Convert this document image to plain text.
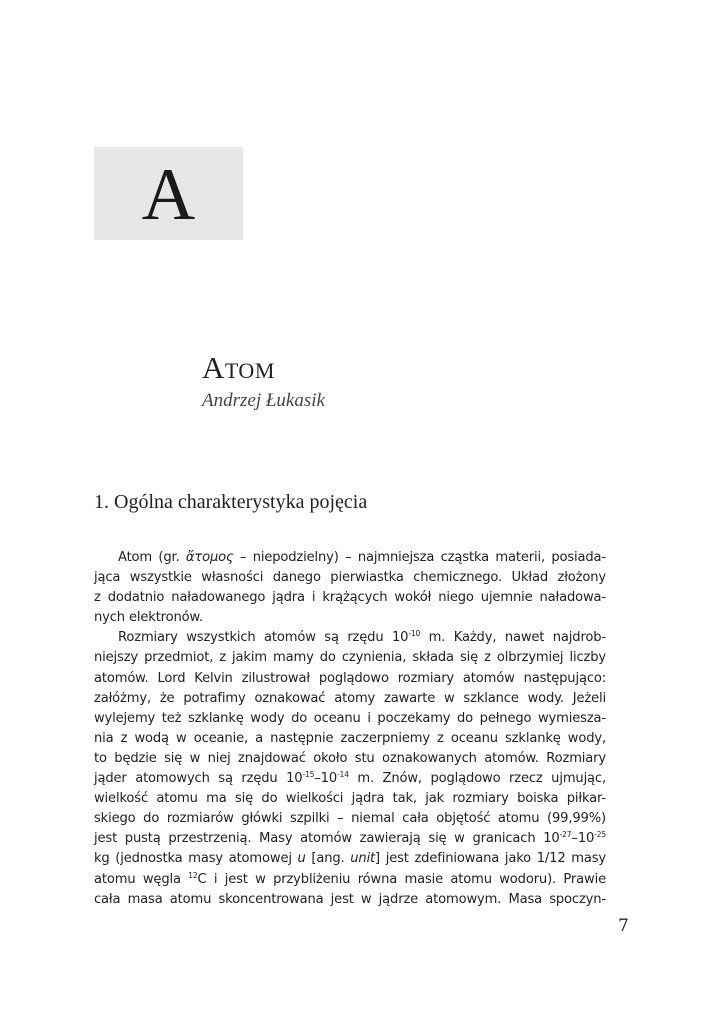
A
Atom
Andrzej Łukasik
1. Ogólna charakterystyka pojęcia
Atom (gr. ἄτομος – niepodzielny) – najmniejsza cząstka materii, posiada-
jąca wszystkie własności danego pierwiastka chemicznego. Układ złożony
z dodatnio naładowanego jądra i krążących wokół niego ujemnie naładowa-
nych elektronów.
Rozmiary wszystkich atomów są rzędu $10^{-10}$ m. Każdy, nawet najdrob-
niejszy przedmiot, z jakim mamy do czynienia, składa się z olbrzymiej liczby
atomów. Lord Kelvin zilustrował poglądowo rozmiary atomów następująco:
załóżmy, że potrafimy oznakować atomy zawarte w szklance wody. Jeżeli
wylejemy też szklankę wody do oceanu i poczekamy do pełnego wymiesza-
nia z wodą w oceanie, a następnie zaczerpniemy z oceanu szklankę wody,
to będzie się w niej znajdować około stu oznakowanych atomów. Rozmiary
jąder atomowych są rzędu $10^{-15}-10^{-14}$ m. Znów, poglądowo rzecz ujmując,
wielkość atomu ma się do wielkości jądra tak, jak rozmiary boiska piłkar-
skiego do rozmiarów główki szpilki – niemal cała objętość atomu (99,99%)
jest pustą przestrzenią. Masy atomów zawierają się w granicach $10^{-27}-10^{-25}$
kg (jednostka masy atomowej u [ang. unit] jest zdefiniowana jako 1/12 masy
atomu węgla $^{12}$C i jest w przybliżeniu równa masie atomu wodoru). Prawie
cała masa atomu skoncentrowana jest w jądrze atomowym. Masa spoczyn-
7
